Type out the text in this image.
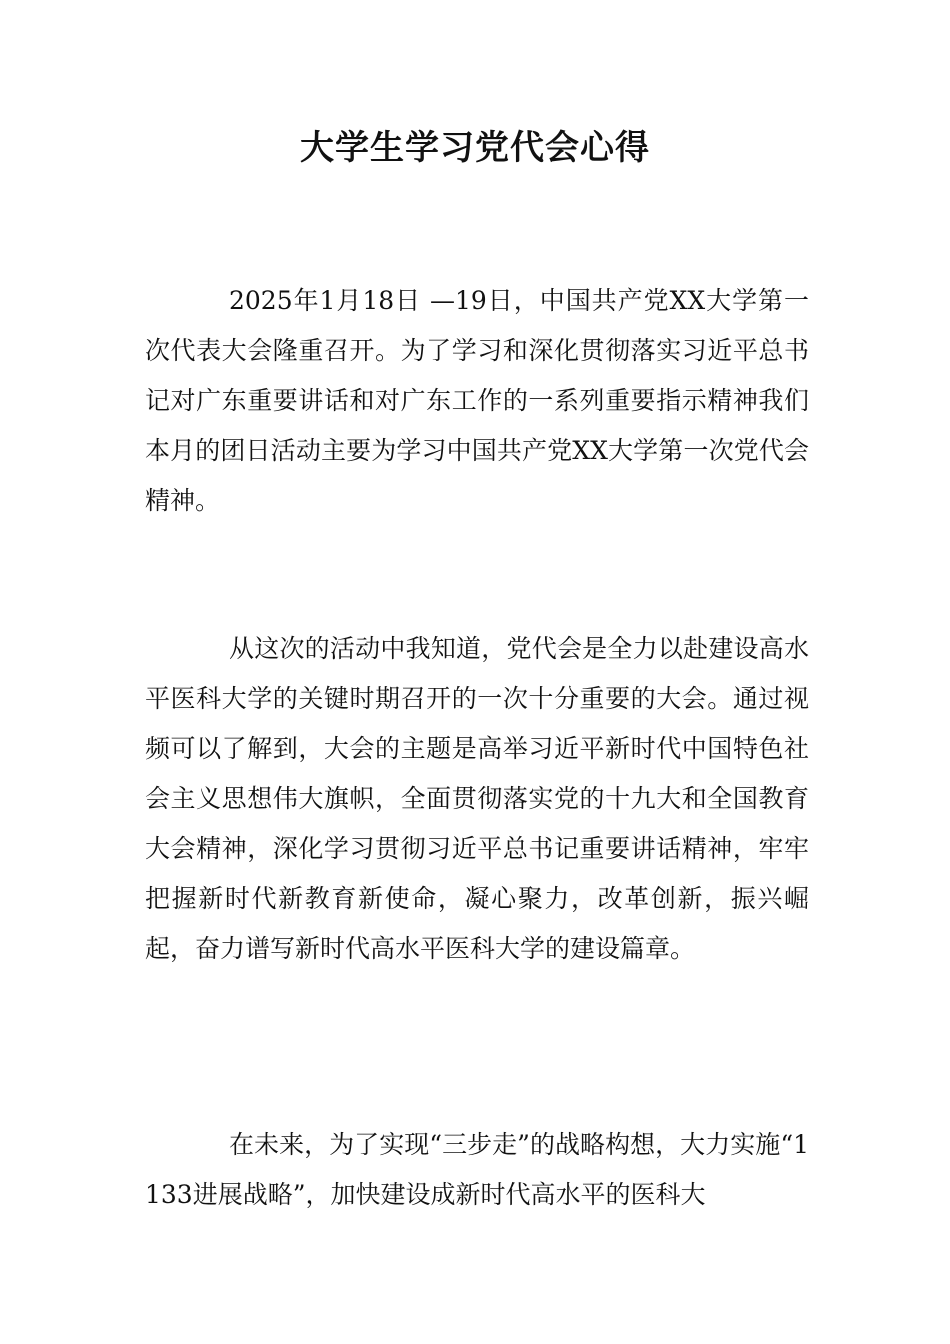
大学生学习党代会心得

2025年1月18日 —19日，中国共产党XX大学第一次代表大会隆重召开。为了学习和深化贯彻落实习近平总书记对广东重要讲话和对广东工作的一系列重要指示精神我们本月的团日活动主要为学习中国共产党XX大学第一次党代会精神。

从这次的活动中我知道，党代会是全力以赴建设高水平医科大学的关键时期召开的一次十分重要的大会。通过视频可以了解到，大会的主题是高举习近平新时代中国特色社会主义思想伟大旗帜，全面贯彻落实党的十九大和全国教育大会精神，深化学习贯彻习近平总书记重要讲话精神，牢牢把握新时代新教育新使命，凝心聚力，改革创新，振兴崛起，奋力谱写新时代高水平医科大学的建设篇章。

在未来，为了实现“三步走”的战略构想，大力实施“1133进展战略”，加快建设成新时代高水平的医科大
